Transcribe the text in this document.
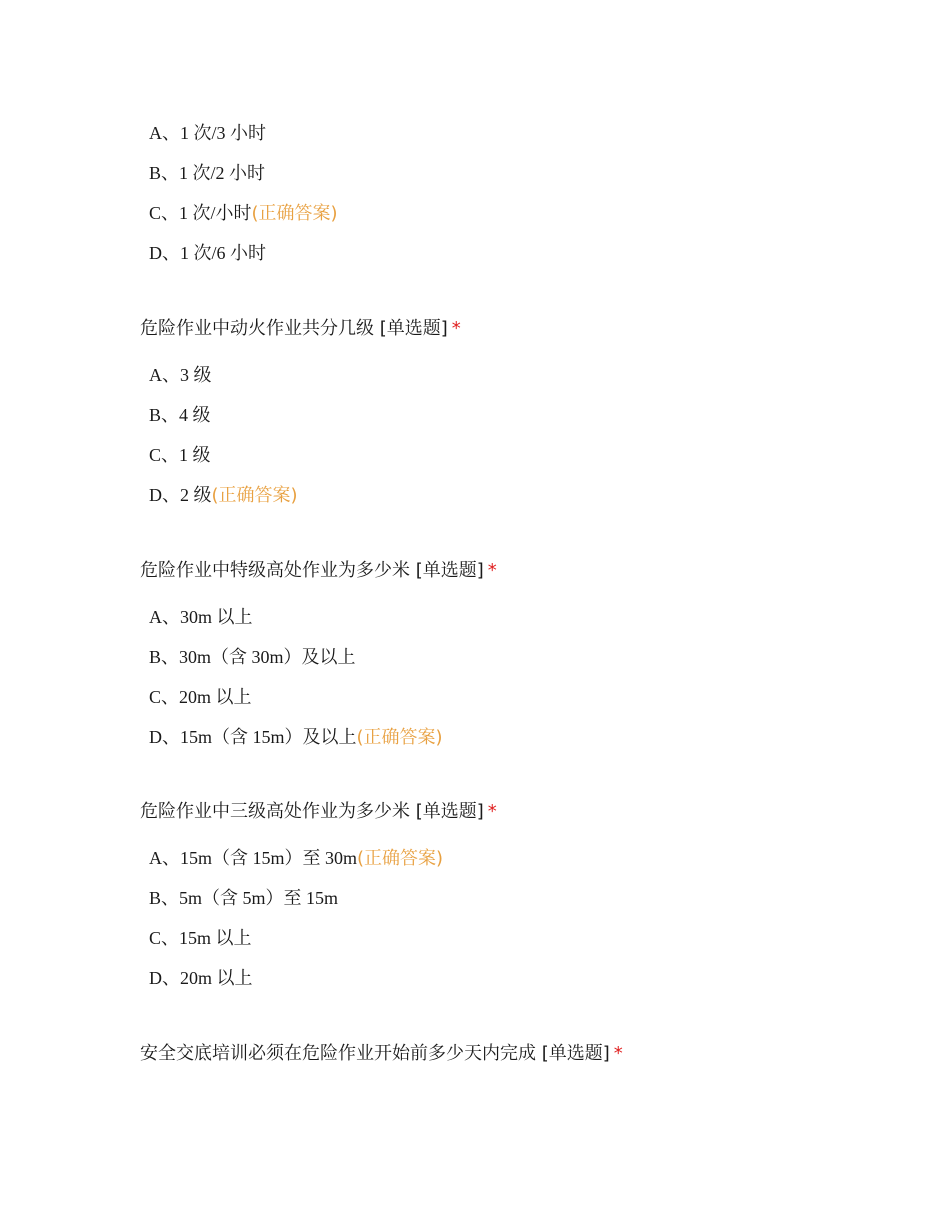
A、1 次/3 小时
B、1 次/2 小时
C、1 次/小时(正确答案)
D、1 次/6 小时
危险作业中动火作业共分几级 [单选题] *
A、3 级
B、4 级
C、1 级
D、2 级(正确答案)
危险作业中特级高处作业为多少米 [单选题] *
A、30m 以上
B、30m（含 30m）及以上
C、20m 以上
D、15m（含 15m）及以上(正确答案)
危险作业中三级高处作业为多少米 [单选题] *
A、15m（含 15m）至 30m(正确答案)
B、5m（含 5m）至 15m
C、15m 以上
D、20m 以上
安全交底培训必须在危险作业开始前多少天内完成 [单选题] *
